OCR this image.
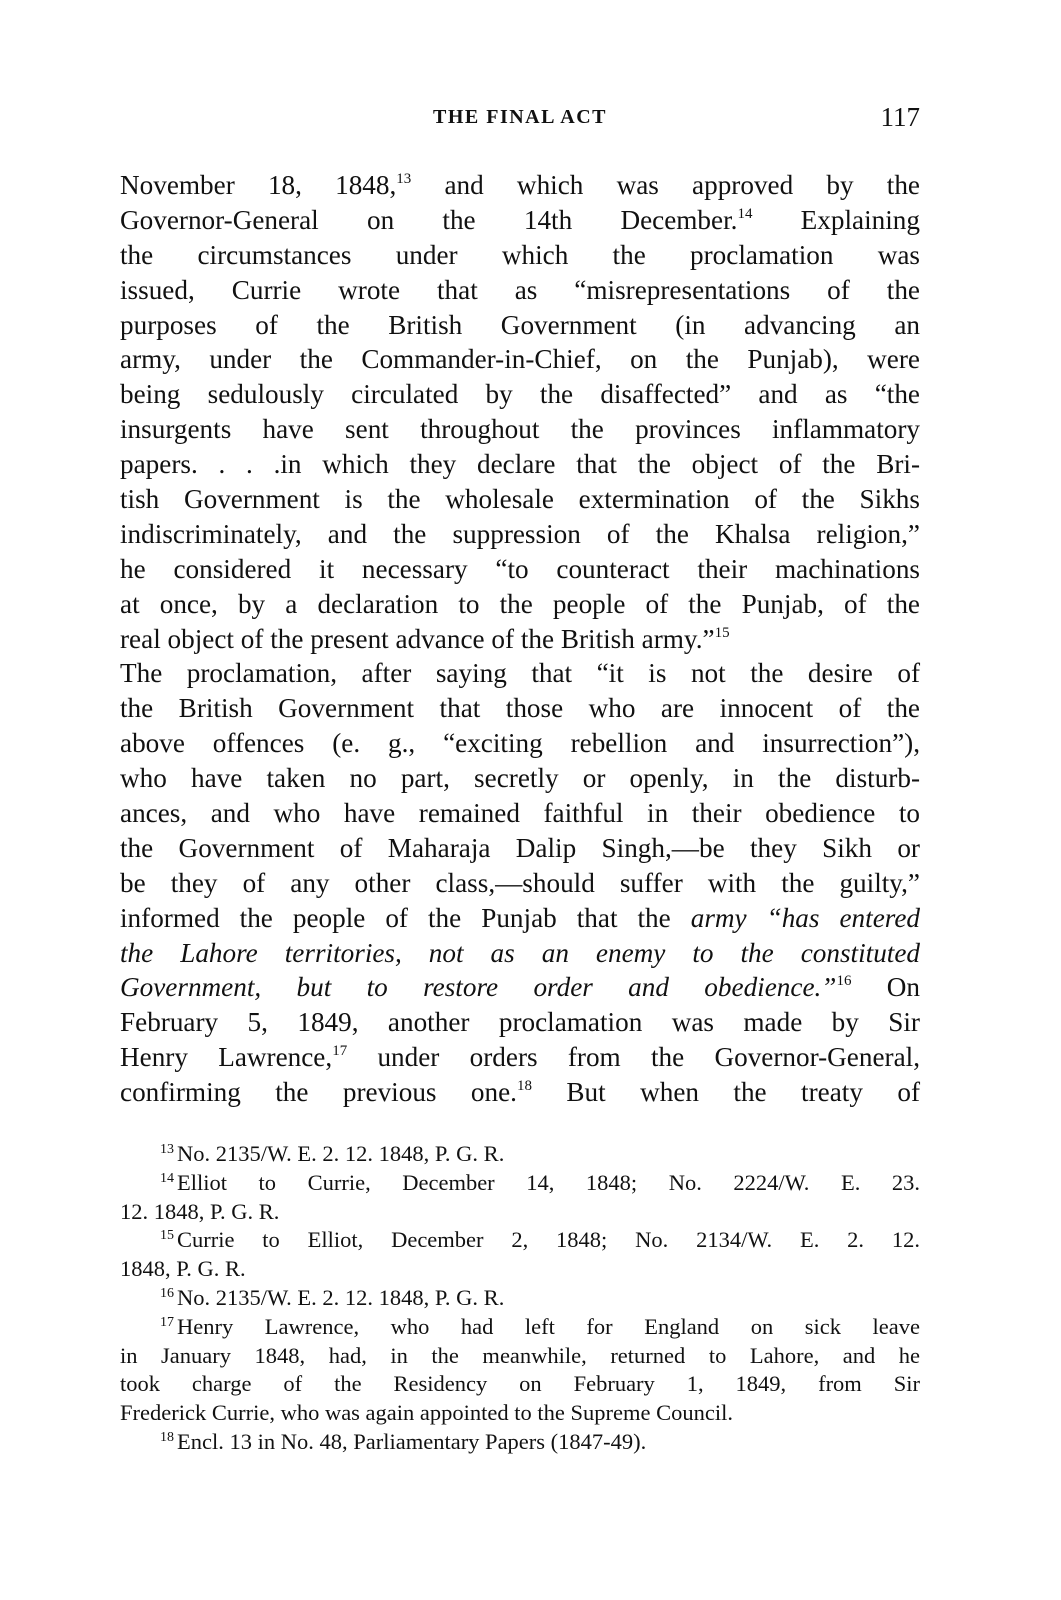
THE FINAL ACT	117
November 18, 1848,13 and which was approved by the
Governor-General on the 14th December.$^{14}$ Explaining
the circumstances under which the proclamation was
issued, Currie wrote that as “misrepresentations of the
purposes of the British Government (in advancing an
army, under the Commander-in-Chief, on the Punjab), were
being sedulously circulated by the disaffected” and as “the
insurgents have sent throughout the provinces inflammatory
papers. . . .in which they declare that the object of the Bri-
tish Government is the wholesale extermination of the Sikhs
indiscriminately, and the suppression of the Khalsa religion,”
he considered it necessary “to counteract their machinations
at once, by a declaration to the people of the Punjab, of the
real object of the present advance of the British army.”$^{15}$
The proclamation, after saying that “it is not the desire of
the British Government that those who are innocent of the
above offences (e. g., “exciting rebellion and insurrection”),
who have taken no part, secretly or openly, in the disturb-
ances, and who have remained faithful in their obedience to
the Government of Maharaja Dalip Singh,—be they Sikh or
be they of any other class,—should suffer with the guilty,”
informed the people of the Punjab that the army “has entered
the Lahore territories, not as an enemy to the constituted
Government, but to restore order and obedience.”$^{16}$ On
February 5, 1849, another proclamation was made by Sir
Henry Lawrence,$^{17}$ under orders from the Governor-General,
confirming the previous one.$^{18}$ But when the treaty of
$^{13}$ No. 2135/W. E. 2. 12. 1848, P. G. R.
$^{14}$ Elliot to Currie, December 14, 1848; No. 2224/W. E. 23.
12. 1848, P. G. R.
$^{15}$ Currie to Elliot, December 2, 1848; No. 2134/W. E. 2. 12.
1848, P. G. R.
$^{16}$ No. 2135/W. E. 2. 12. 1848, P. G. R.
$^{17}$ Henry Lawrence, who had left for England on sick leave
in January 1848, had, in the meanwhile, returned to Lahore, and he
took charge of the Residency on February 1, 1849, from Sir
Frederick Currie, who was again appointed to the Supreme Council.
$^{18}$ Encl. 13 in No. 48, Parliamentary Papers (1847-49).
